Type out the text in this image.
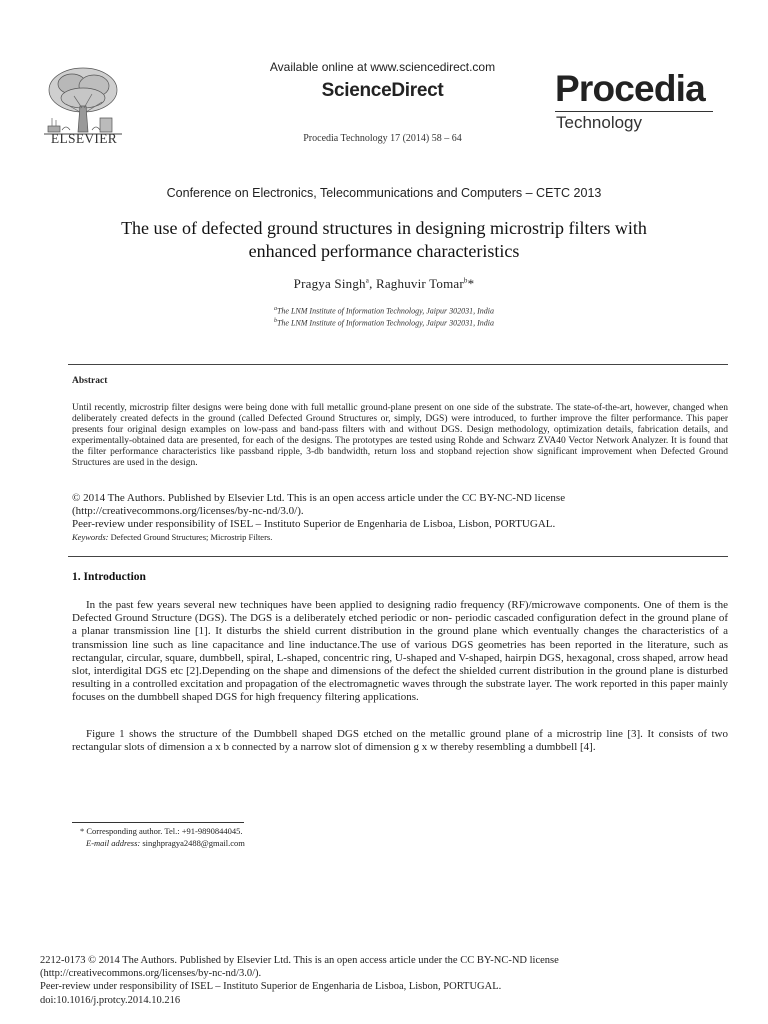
ELSEVIER
Available online at www.sciencedirect.com
ScienceDirect
Procedia Technology 17 (2014) 58 – 64
Procedia
Technology
Conference on Electronics, Telecommunications and Computers – CETC 2013
The use of defected ground structures in designing microstrip filters with
enhanced performance characteristics
Pragya Singh$^a$, Raghuvir Tomar$^b$*
$^a$The LNM Institute of Information Technology, Jaipur 302031, India
$^b$The LNM Institute of Information Technology, Jaipur 302031, India
Abstract
Until recently, microstrip filter designs were being done with full metallic ground-plane present on one side of the substrate. The state-of-the-art, however, changed when deliberately created defects in the ground (called Defected Ground Structures or, simply, DGS) were introduced, to further improve the filter performance. This paper presents four original design examples on low-pass and band-pass filters with and without DGS. Design methodology, optimization details, fabrication details, and experimentally-obtained data are presented, for each of the designs. The prototypes are tested using Rohde and Schwarz ZVA40 Vector Network Analyzer. It is found that the filter performance characteristics like passband ripple, 3-db bandwidth, return loss and stopband rejection show significant improvement when Defected Ground Structures are used in the design.
© 2014 The Authors. Published by Elsevier Ltd. This is an open access article under the CC BY-NC-ND license
(http://creativecommons.org/licenses/by-nc-nd/3.0/).
Peer-review under responsibility of ISEL – Instituto Superior de Engenharia de Lisboa, Lisbon, PORTUGAL.
Keywords: Defected Ground Structures; Microstrip Filters.
1. Introduction
In the past few years several new techniques have been applied to designing radio frequency (RF)/microwave components. One of them is the Defected Ground Structure (DGS). The DGS is a deliberately etched periodic or non- periodic cascaded configuration defect in the ground plane of a planar transmission line [1]. It disturbs the shield current distribution in the ground plane which eventually changes the characteristics of a transmission line such as line capacitance and line inductance.The use of various DGS geometries has been reported in the literature, such as rectangular, circular, square, dumbbell, spiral, L-shaped, concentric ring, U-shaped and V-shaped, hairpin DGS, hexagonal, cross shaped, arrow head slot, interdigital DGS etc [2].Depending on the shape and dimensions of the defect the shielded current distribution in the ground plane is disturbed resulting in a controlled excitation and propagation of the electromagnetic waves through the substrate layer. The work reported in this paper mainly focuses on the dumbbell shaped DGS for high frequency filtering applications.
Figure 1 shows the structure of the Dumbbell shaped DGS etched on the metallic ground plane of a microstrip line [3]. It consists of two rectangular slots of dimension a x b connected by a narrow slot of dimension g x w thereby resembling a dumbbell [4].
* Corresponding author. Tel.: +91-9890844045.
E-mail address: singhpragya2488@gmail.com
2212-0173 © 2014 The Authors. Published by Elsevier Ltd. This is an open access article under the CC BY-NC-ND license
(http://creativecommons.org/licenses/by-nc-nd/3.0/).
Peer-review under responsibility of ISEL – Instituto Superior de Engenharia de Lisboa, Lisbon, PORTUGAL.
doi:10.1016/j.protcy.2014.10.216
